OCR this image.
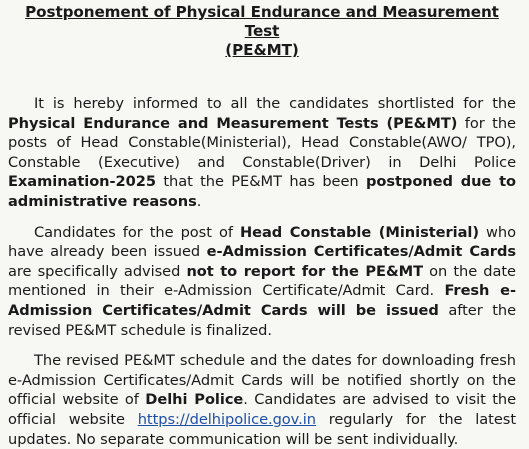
Postponement of Physical Endurance and Measurement Test
(PE&MT)

It is hereby informed to all the candidates shortlisted for the Physical Endurance and Measurement Tests (PE&MT) for the posts of Head Constable(Ministerial), Head Constable(AWO/ TPO), Constable (Executive) and Constable(Driver) in Delhi Police Examination-2025 that the PE&MT has been postponed due to administrative reasons.

Candidates for the post of Head Constable (Ministerial) who have already been issued e-Admission Certificates/Admit Cards are specifically advised not to report for the PE&MT on the date mentioned in their e-Admission Certificate/Admit Card. Fresh e-Admission Certificates/Admit Cards will be issued after the revised PE&MT schedule is finalized.

The revised PE&MT schedule and the dates for downloading fresh e-Admission Certificates/Admit Cards will be notified shortly on the official website of Delhi Police. Candidates are advised to visit the official website https://delhipolice.gov.in regularly for the latest updates. No separate communication will be sent individually.
